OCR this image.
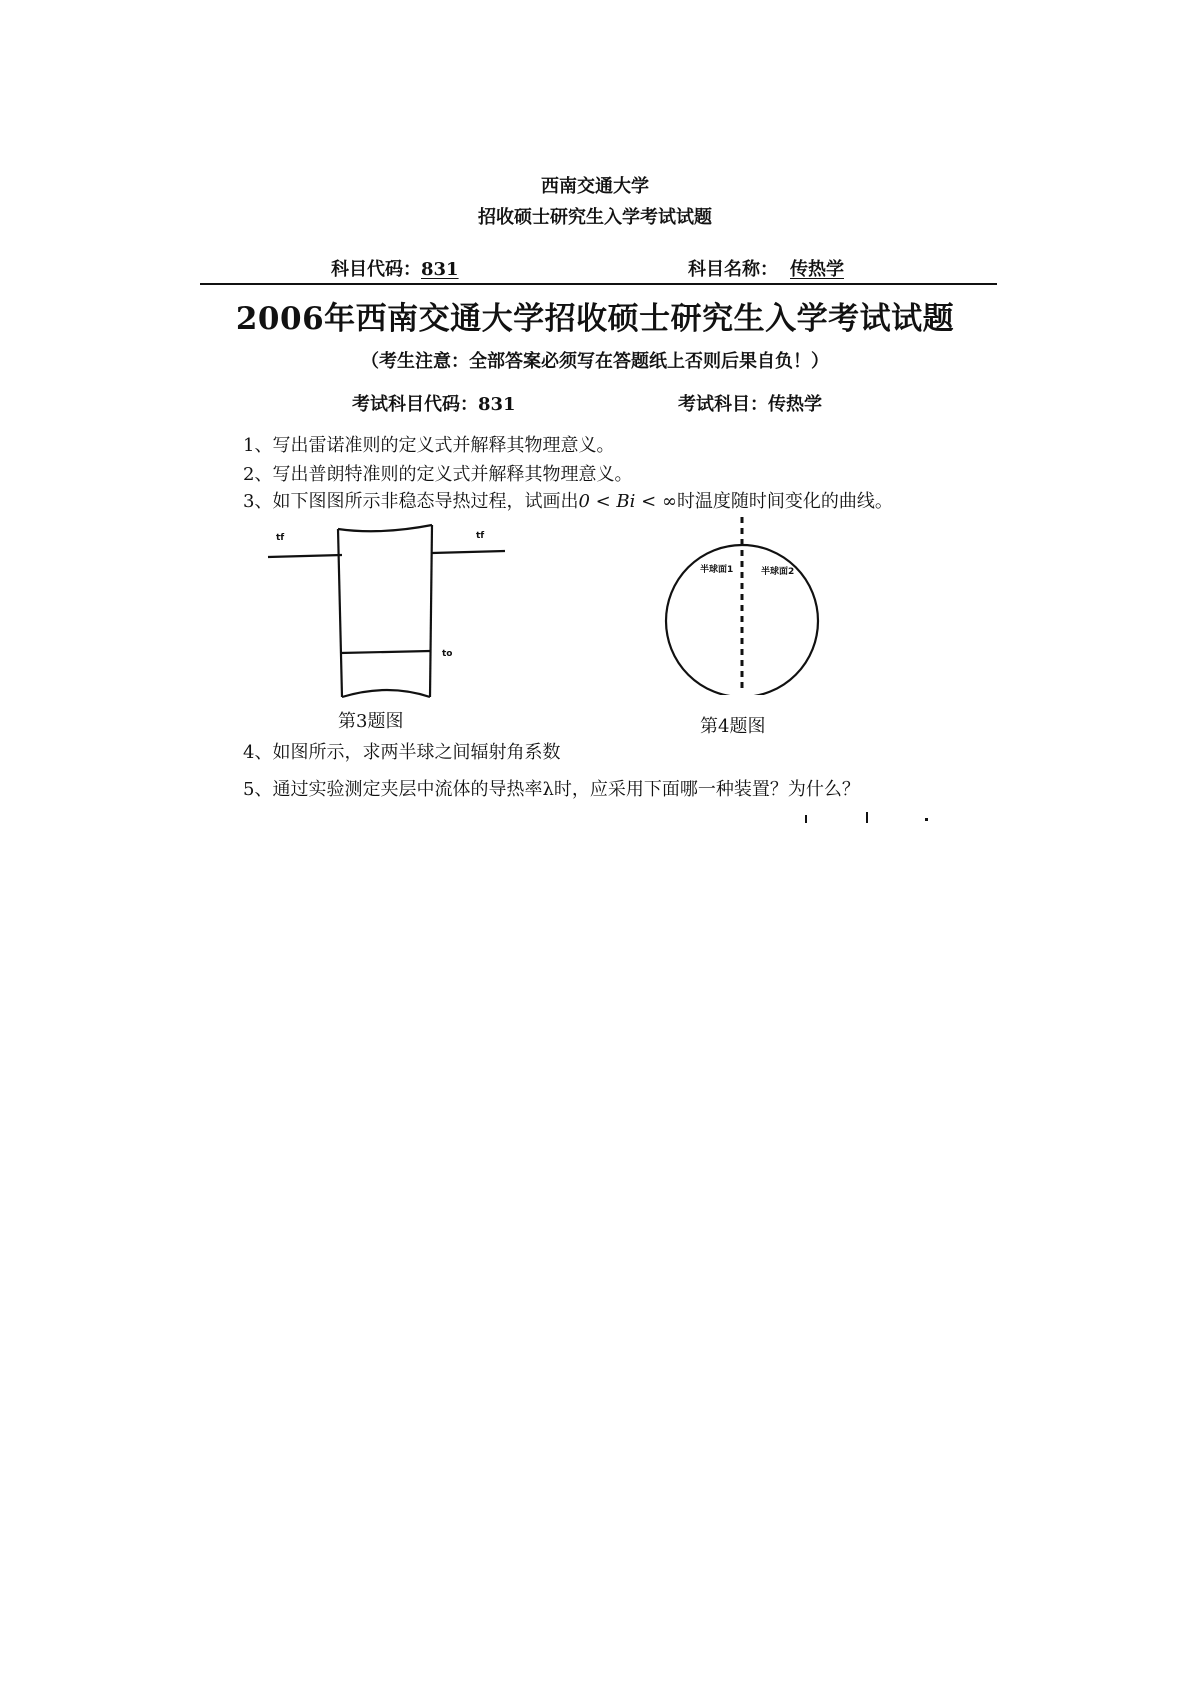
西南交通大学
招收硕士研究生入学考试试题
科目代码：831	科目名称： 传热学
2006年西南交通大学招收硕士研究生入学考试试题
（考生注意：全部答案必须写在答题纸上否则后果自负！）
考试科目代码：831	考试科目：传热学
1、写出雷诺准则的定义式并解释其物理意义。
2、写出普朗特准则的定义式并解释其物理意义。
3、如下图图所示非稳态导热过程，试画出0 < Bi < ∞时温度随时间变化的曲线。
tf	tf
to
第3题图
半球面1	半球面2
第4题图
4、如图所示，求两半球之间辐射角系数
5、通过实验测定夹层中流体的导热率λ时，应采用下面哪一种装置？为什么？
